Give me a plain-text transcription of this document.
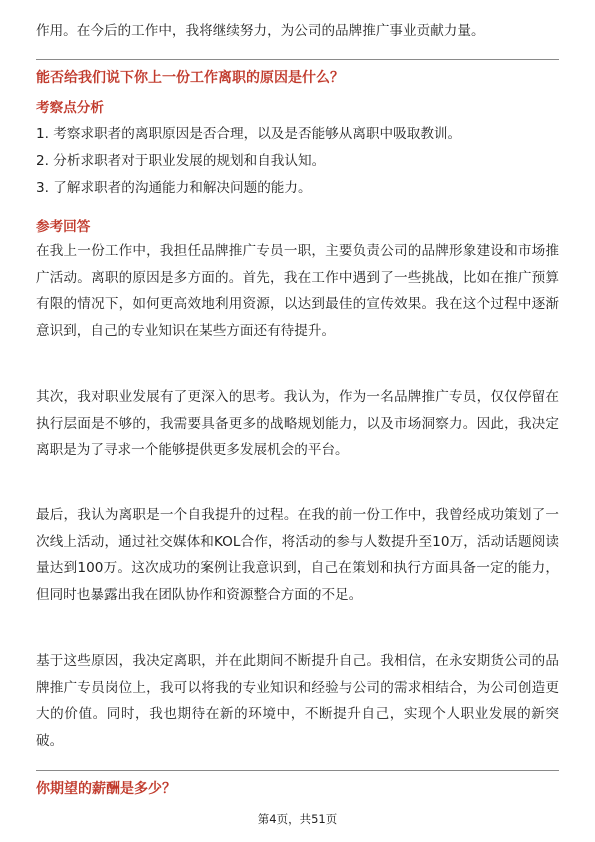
作用。在今后的工作中，我将继续努力，为公司的品牌推广事业贡献力量。

能否给我们说下你上一份工作离职的原因是什么？

考察点分析

1. 考察求职者的离职原因是否合理，以及是否能够从离职中吸取教训。
2. 分析求职者对于职业发展的规划和自我认知。
3. 了解求职者的沟通能力和解决问题的能力。

参考回答

在我上一份工作中，我担任品牌推广专员一职，主要负责公司的品牌形象建设和市场推广活动。离职的原因是多方面的。首先，我在工作中遇到了一些挑战，比如在推广预算有限的情况下，如何更高效地利用资源，以达到最佳的宣传效果。我在这个过程中逐渐意识到，自己的专业知识在某些方面还有待提升。

其次，我对职业发展有了更深入的思考。我认为，作为一名品牌推广专员，仅仅停留在执行层面是不够的，我需要具备更多的战略规划能力，以及市场洞察力。因此，我决定离职是为了寻求一个能够提供更多发展机会的平台。

最后，我认为离职是一个自我提升的过程。在我的前一份工作中，我曾经成功策划了一次线上活动，通过社交媒体和KOL合作，将活动的参与人数提升至10万，活动话题阅读量达到100万。这次成功的案例让我意识到，自己在策划和执行方面具备一定的能力，但同时也暴露出我在团队协作和资源整合方面的不足。

基于这些原因，我决定离职，并在此期间不断提升自己。我相信，在永安期货公司的品牌推广专员岗位上，我可以将我的专业知识和经验与公司的需求相结合，为公司创造更大的价值。同时，我也期待在新的环境中，不断提升自己，实现个人职业发展的新突破。

你期望的薪酬是多少？

第4页，共51页
